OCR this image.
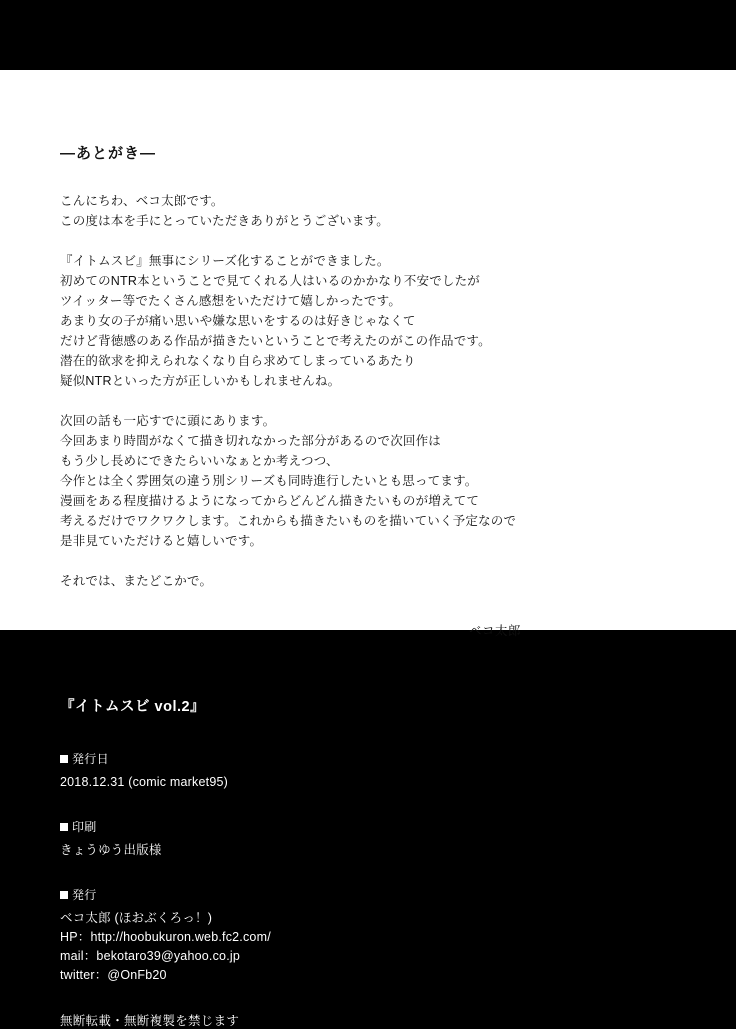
―あとがき―
こんにちわ、ベコ太郎です。
この度は本を手にとっていただきありがとうございます。
『イトムスビ』無事にシリーズ化することができました。
初めてのNTR本ということで見てくれる人はいるのかかなり不安でしたが
ツイッター等でたくさん感想をいただけて嬉しかったです。
あまり女の子が痛い思いや嫌な思いをするのは好きじゃなくて
だけど背徳感のある作品が描きたいということで考えたのがこの作品です。
潜在的欲求を抑えられなくなり自ら求めてしまっているあたり
疑似NTRといった方が正しいかもしれませんね。
次回の話も一応すでに頭にあります。
今回あまり時間がなくて描き切れなかった部分があるので次回作は
もう少し長めにできたらいいなぁとか考えつつ、
今作とは全く雰囲気の違う別シリーズも同時進行したいとも思ってます。
漫画をある程度描けるようになってからどんどん描きたいものが増えてて
考えるだけでワクワクします。これからも描きたいものを描いていく予定なので
是非見ていただけると嬉しいです。
それでは、またどこかで。
ベコ太郎
『イトムスビ vol.2』
発行日
2018.12.31 (comic market95)
印刷
きょうゆう出版様
発行
ベコ太郎 (ほおぶくろっ！)
HP：http://hoobukuron.web.fc2.com/
mail：bekotaro39@yahoo.co.jp
twitter：@OnFb20
無断転載・無断複製を禁じます
